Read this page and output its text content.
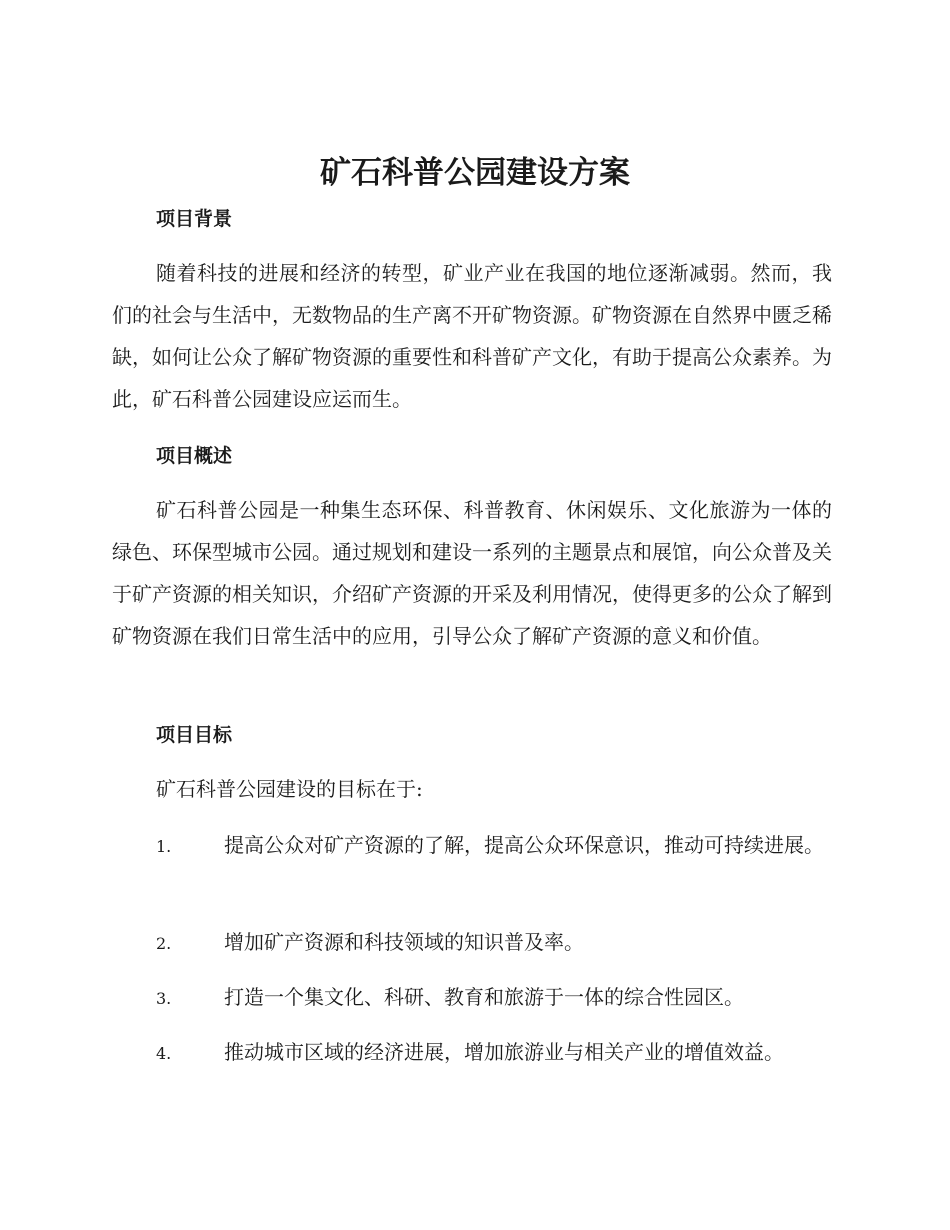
矿石科普公园建设方案
项目背景

随着科技的进展和经济的转型，矿业产业在我国的地位逐渐减弱。然而，我们的社会与生活中，无数物品的生产离不开矿物资源。矿物资源在自然界中匮乏稀缺，如何让公众了解矿物资源的重要性和科普矿产文化，有助于提高公众素养。为此，矿石科普公园建设应运而生。

项目概述

矿石科普公园是一种集生态环保、科普教育、休闲娱乐、文化旅游为一体的绿色、环保型城市公园。通过规划和建设一系列的主题景点和展馆，向公众普及关于矿产资源的相关知识，介绍矿产资源的开采及利用情况，使得更多的公众了解到矿物资源在我们日常生活中的应用，引导公众了解矿产资源的意义和价值。

项目目标

矿石科普公园建设的目标在于:

1.	提高公众对矿产资源的了解，提高公众环保意识，推动可持续进展。

2.	增加矿产资源和科技领域的知识普及率。

3.	打造一个集文化、科研、教育和旅游于一体的综合性园区。

4.	推动城市区域的经济进展，增加旅游业与相关产业的增值效益。
